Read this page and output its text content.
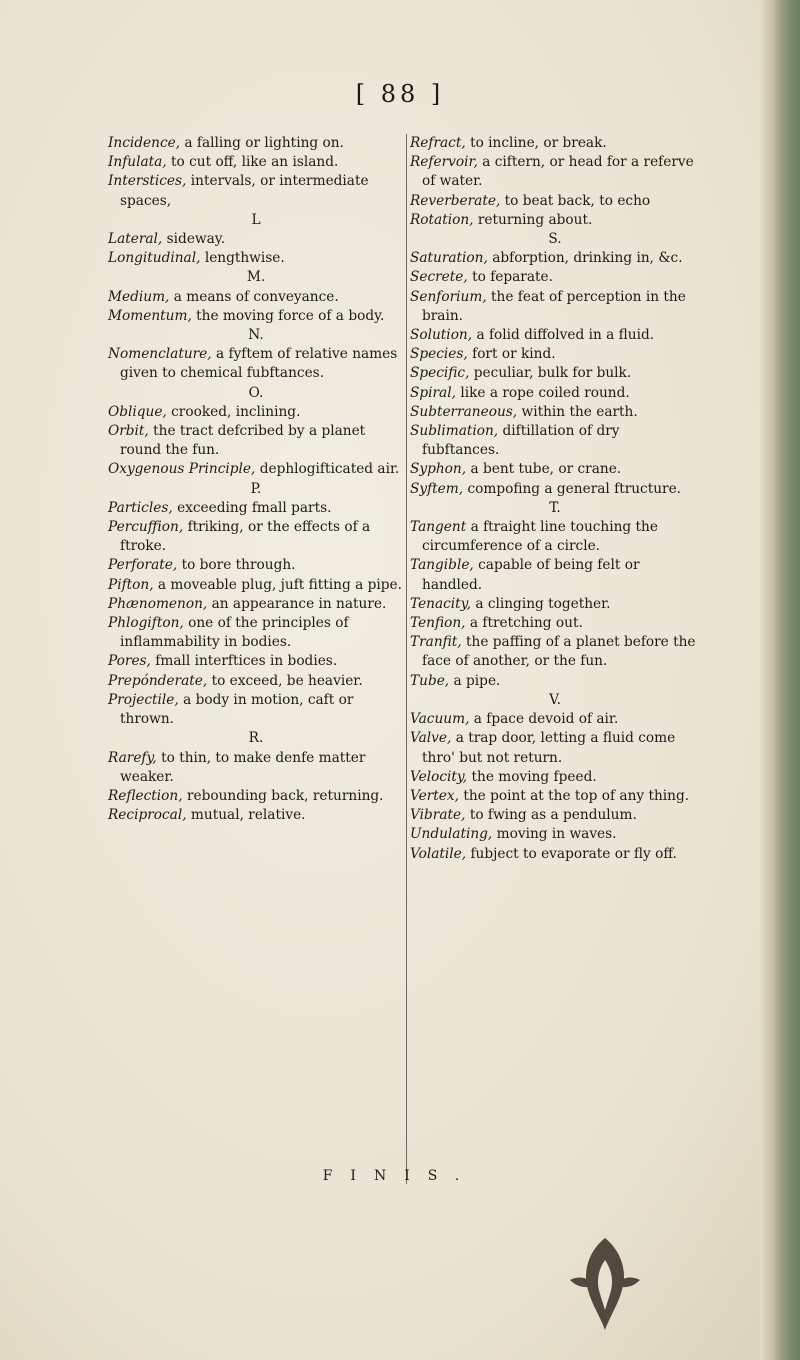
[ 88 ]

Incidence, a falling or lighting on.

Infulata, to cut off, like an island.

Interstices, intervals, or intermediate spaces,

L

Lateral, sideway.

Longitudinal, lengthwise.

M.

Medium, a means of conveyance.

Momentum, the moving force of a body.

N.

Nomenclature, a fyftem of relative names given to chemical fubftances.

O.

Oblique, crooked, inclining.

Orbit, the tract defcribed by a planet round the fun.

Oxygenous Principle, dephlogifticated air.

P.

Particles, exceeding fmall parts.

Percuffion, ftriking, or the effects of a ftroke.

Perforate, to bore through.

Pifton, a moveable plug, juft fitting a pipe.

Phænomenon, an appearance in nature.

Phlogifton, one of the principles of inflammability in bodies.

Pores, fmall interftices in bodies.

Prepónderate, to exceed, be heavier.

Projectile, a body in motion, caft or thrown.

R.

Rarefy, to thin, to make denfe matter weaker.

Reflection, rebounding back, returning.

Reciprocal, mutual, relative.

Refract, to incline, or break.

Refervoir, a ciftern, or head for a referve of water.

Reverberate, to beat back, to echo

Rotation, returning about.

S.

Saturation, abforption, drinking in, &c.

Secrete, to feparate.

Senforium, the feat of perception in the brain.

Solution, a folid diffolved in a fluid.

Species, fort or kind.

Specific, peculiar, bulk for bulk.

Spiral, like a rope coiled round.

Subterraneous, within the earth.

Sublimation, diftillation of dry fubftances.

Syphon, a bent tube, or crane.

Syftem, compofing a general ftructure.

T.

Tangent a ftraight line touching the circumference of a circle.

Tangible, capable of being felt or handled.

Tenacity, a clinging together.

Tenfion, a ftretching out.

Tranfit, the paffing of a planet before the face of another, or the fun.

Tube, a pipe.

V.

Vacuum, a fpace devoid of air.

Valve, a trap door, letting a fluid come thro' but not return.

Velocity, the moving fpeed.

Vertex, the point at the top of any thing.

Vibrate, to fwing as a pendulum.

Undulating, moving in waves.

Volatile, fubject to evaporate or fly off.

FINIS.
